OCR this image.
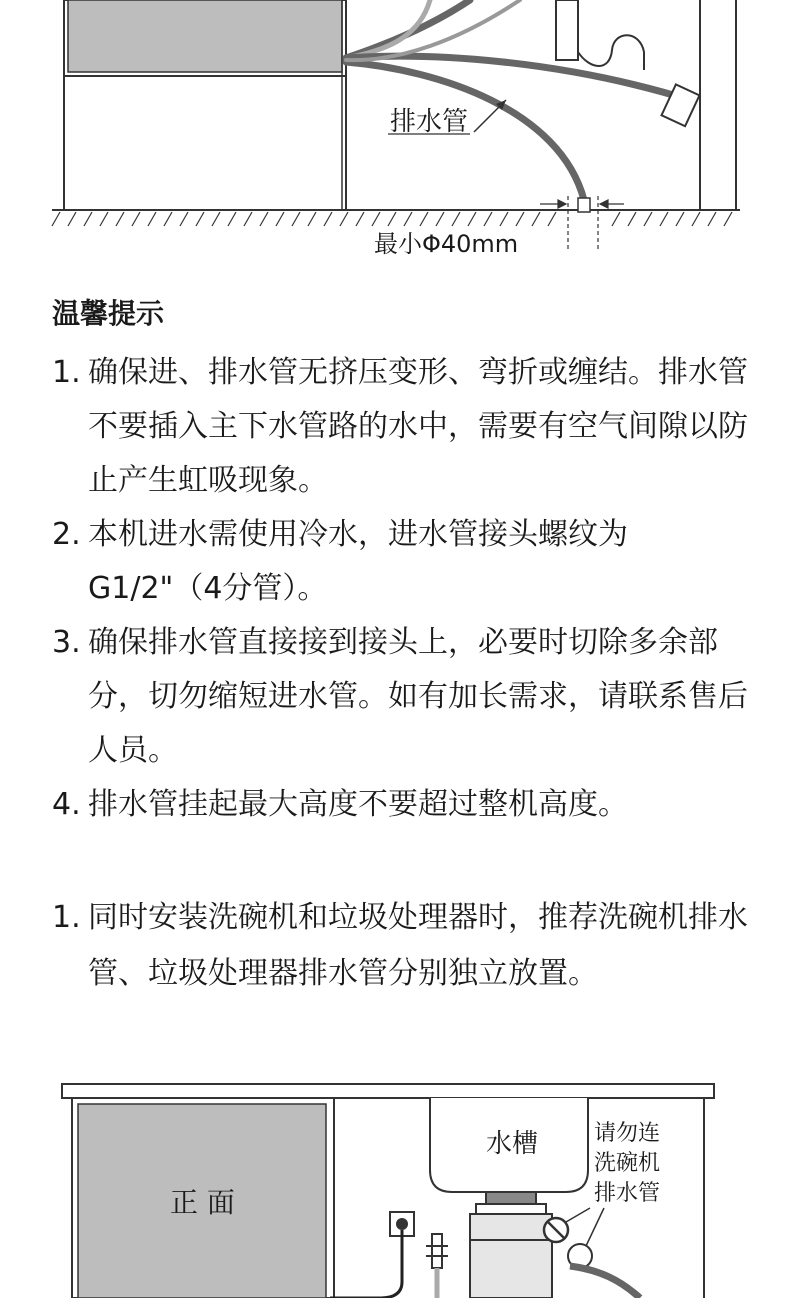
排水管
最小Φ40mm
温馨提示
1. 确保进、排水管无挤压变形、弯折或缠结。排水管不要插入主下水管路的水中，需要有空气间隙以防止产生虹吸现象。
2. 本机进水需使用冷水，进水管接头螺纹为G1/2"（4分管）。
3. 确保排水管直接接到接头上，必要时切除多余部分，切勿缩短进水管。如有加长需求，请联系售后人员。
4. 排水管挂起最大高度不要超过整机高度。
1. 同时安装洗碗机和垃圾处理器时，推荐洗碗机排水管、垃圾处理器排水管分别独立放置。
正 面
水槽	请勿连
洗碗机
排水管
